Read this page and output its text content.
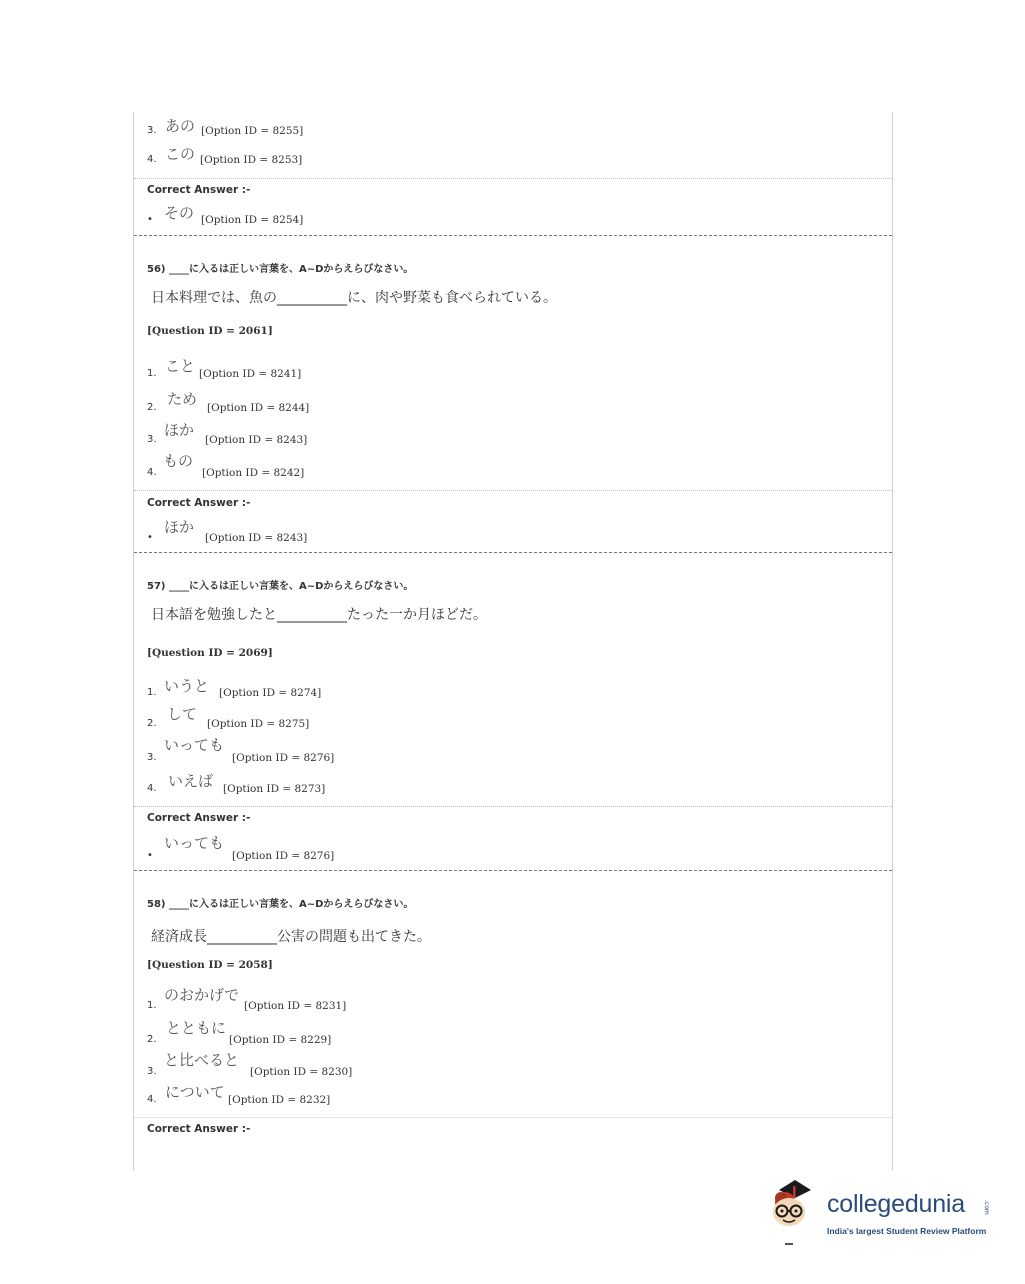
3. あの [Option ID = 8255]
4. この [Option ID = 8253]
Correct Answer :-
• その [Option ID = 8254]
56) ____に入るは正しい言葉を、A~Dからえらびなさい。
日本料理では、魚の__________に、肉や野菜も食べられている。
[Question ID = 2061]
1. こと [Option ID = 8241]
2. ため [Option ID = 8244]
3.
ほか
[Option ID = 8243]
4.
もの
[Option ID = 8242]
Correct Answer :-
•
ほか
[Option ID = 8243]
57) ____に入るは正しい言葉を、A~Dからえらびなさい。
日本語を勉強したと__________たった一か月ほどだ。
[Question ID = 2069]
1. いうと [Option ID = 8274]
2.
して
[Option ID = 8275]
3.
いっても
[Option ID = 8276]
4. いえば [Option ID = 8273]
Correct Answer :-
•
いっても
[Option ID = 8276]
58) ____に入るは正しい言葉を、A~Dからえらびなさい。
経済成長__________公害の問題も出てきた。
[Question ID = 2058]
1.
のおかげで
[Option ID = 8231]
2.
とともに
[Option ID = 8229]
3.
と比べると
[Option ID = 8230]
4. について [Option ID = 8232]
Correct Answer :-
collegedunia	.com
India's largest Student Review Platform
